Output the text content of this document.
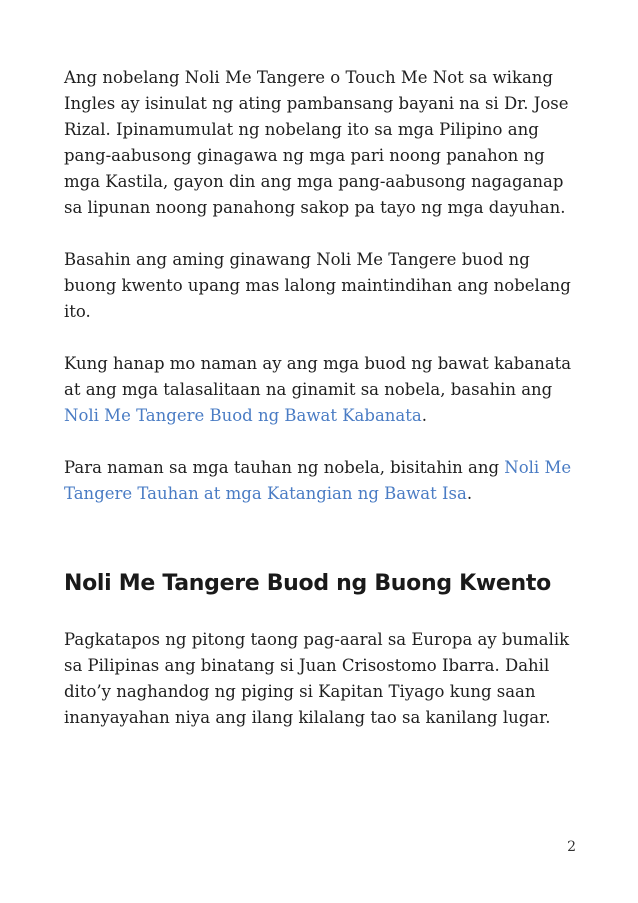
Ang nobelang Noli Me Tangere o Touch Me Not sa wikang Ingles ay isinulat ng ating pambansang bayani na si Dr. Jose Rizal. Ipinamumulat ng nobelang ito sa mga Pilipino ang pang-aabusong ginagawa ng mga pari noong panahon ng mga Kastila, gayon din ang mga pang-aabusong nagaganap sa lipunan noong panahong sakop pa tayo ng mga dayuhan.

Basahin ang aming ginawang Noli Me Tangere buod ng buong kwento upang mas lalong maintindihan ang nobelang ito.

Kung hanap mo naman ay ang mga buod ng bawat kabanata at ang mga talasalitaan na ginamit sa nobela, basahin ang Noli Me Tangere Buod ng Bawat Kabanata.

Para naman sa mga tauhan ng nobela, bisitahin ang Noli Me Tangere Tauhan at mga Katangian ng Bawat Isa.

Noli Me Tangere Buod ng Buong Kwento

Pagkatapos ng pitong taong pag-aaral sa Europa ay bumalik sa Pilipinas ang binatang si Juan Crisostomo Ibarra. Dahil dito’y naghandog ng piging si Kapitan Tiyago kung saan inanyayahan niya ang ilang kilalang tao sa kanilang lugar.

2
